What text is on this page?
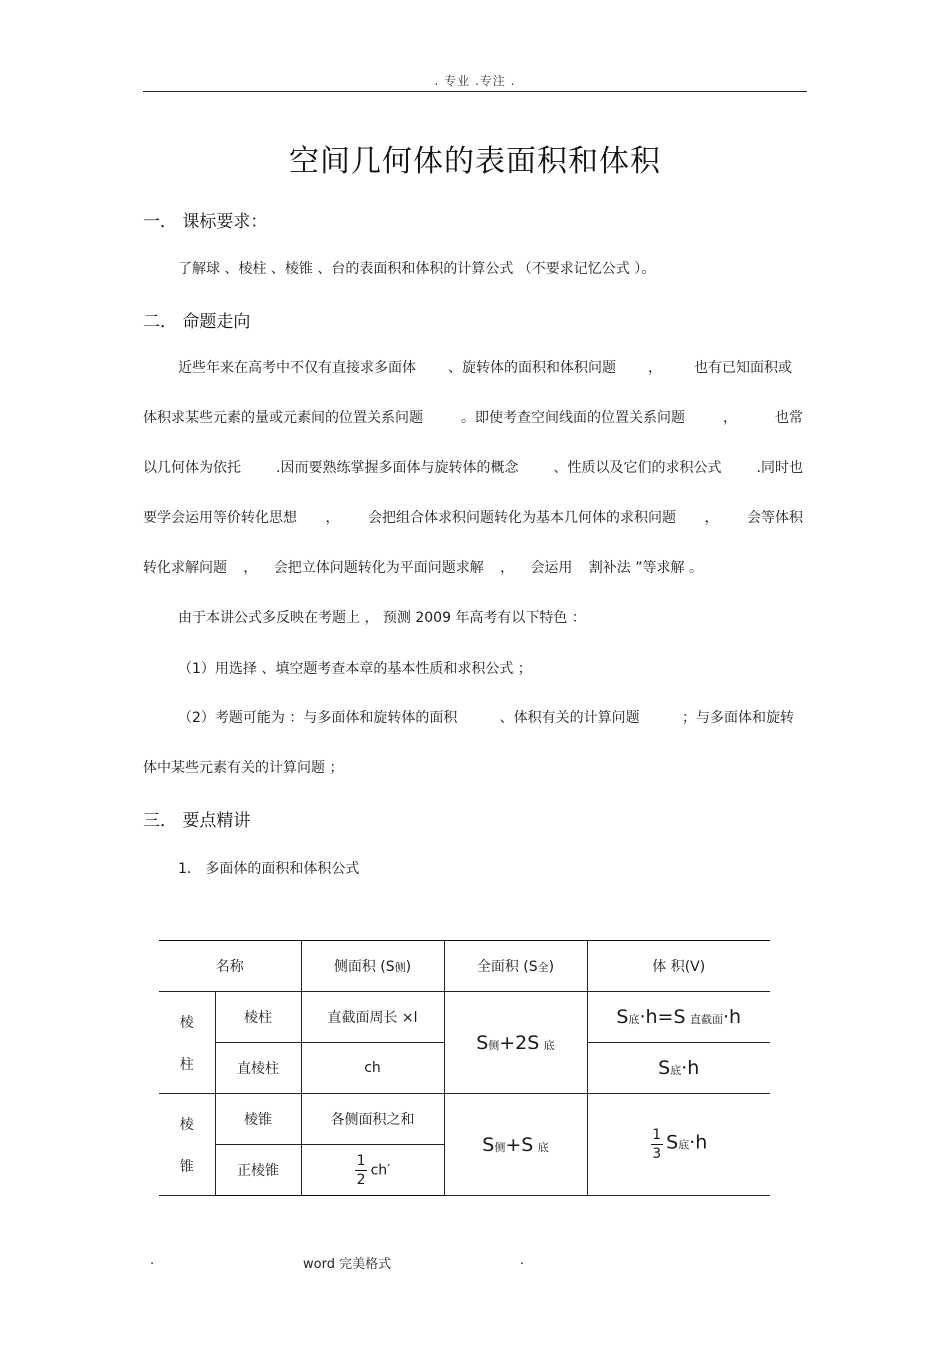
. 专业 .专注 .
空间几何体的表面积和体积
一． 课标要求：
了解球 、棱柱 、棱锥 、台的表面积和体积的计算公式 （不要求记忆公式 ）。
二． 命题走向
近些年来在高考中不仅有直接求多面体 、旋转体的面积和体积问题 ， 也有已知面积或
体积求某些元素的量或元素间的位置关系问题	。即使考查空间线面的位置关系问题	，	也常
以几何体为依托	.因而要熟练掌握多面体与旋转体的概念	、性质以及它们的求积公式	.同时也
要学会运用等价转化思想 ， 会把组合体求积问题转化为基本几何体的求积问题 ， 会等体积
转化求解问题 ， 会把立体问题转化为平面问题求解 ， 会运用 割补法 ”等求解 。
由于本讲公式多反映在考题上 ， 预测 2009 年高考有以下特色 ：
（1）用选择 、填空题考查本章的基本性质和求积公式 ；
（2）考题可能为 ：与多面体和旋转体的面积	、体积有关的计算问题	；与多面体和旋转
体中某些元素有关的计算问题 ；
三． 要点精讲
1． 多面体的面积和体积公式
名称		侧面积 (S侧)	全面积 (S全)	体 积(V)

棱
柱	棱柱	直截面周长 ×l	S侧+2S 底	S底·h=S 直截面·h
	直棱柱	ch		S底·h

棱
锥	棱锥	各侧面积之和	S侧+S 底	$\frac{1}{3}$ S底·h
	正棱锥	$\frac{1}{2} ch'$		
.	word 完美格式	.
